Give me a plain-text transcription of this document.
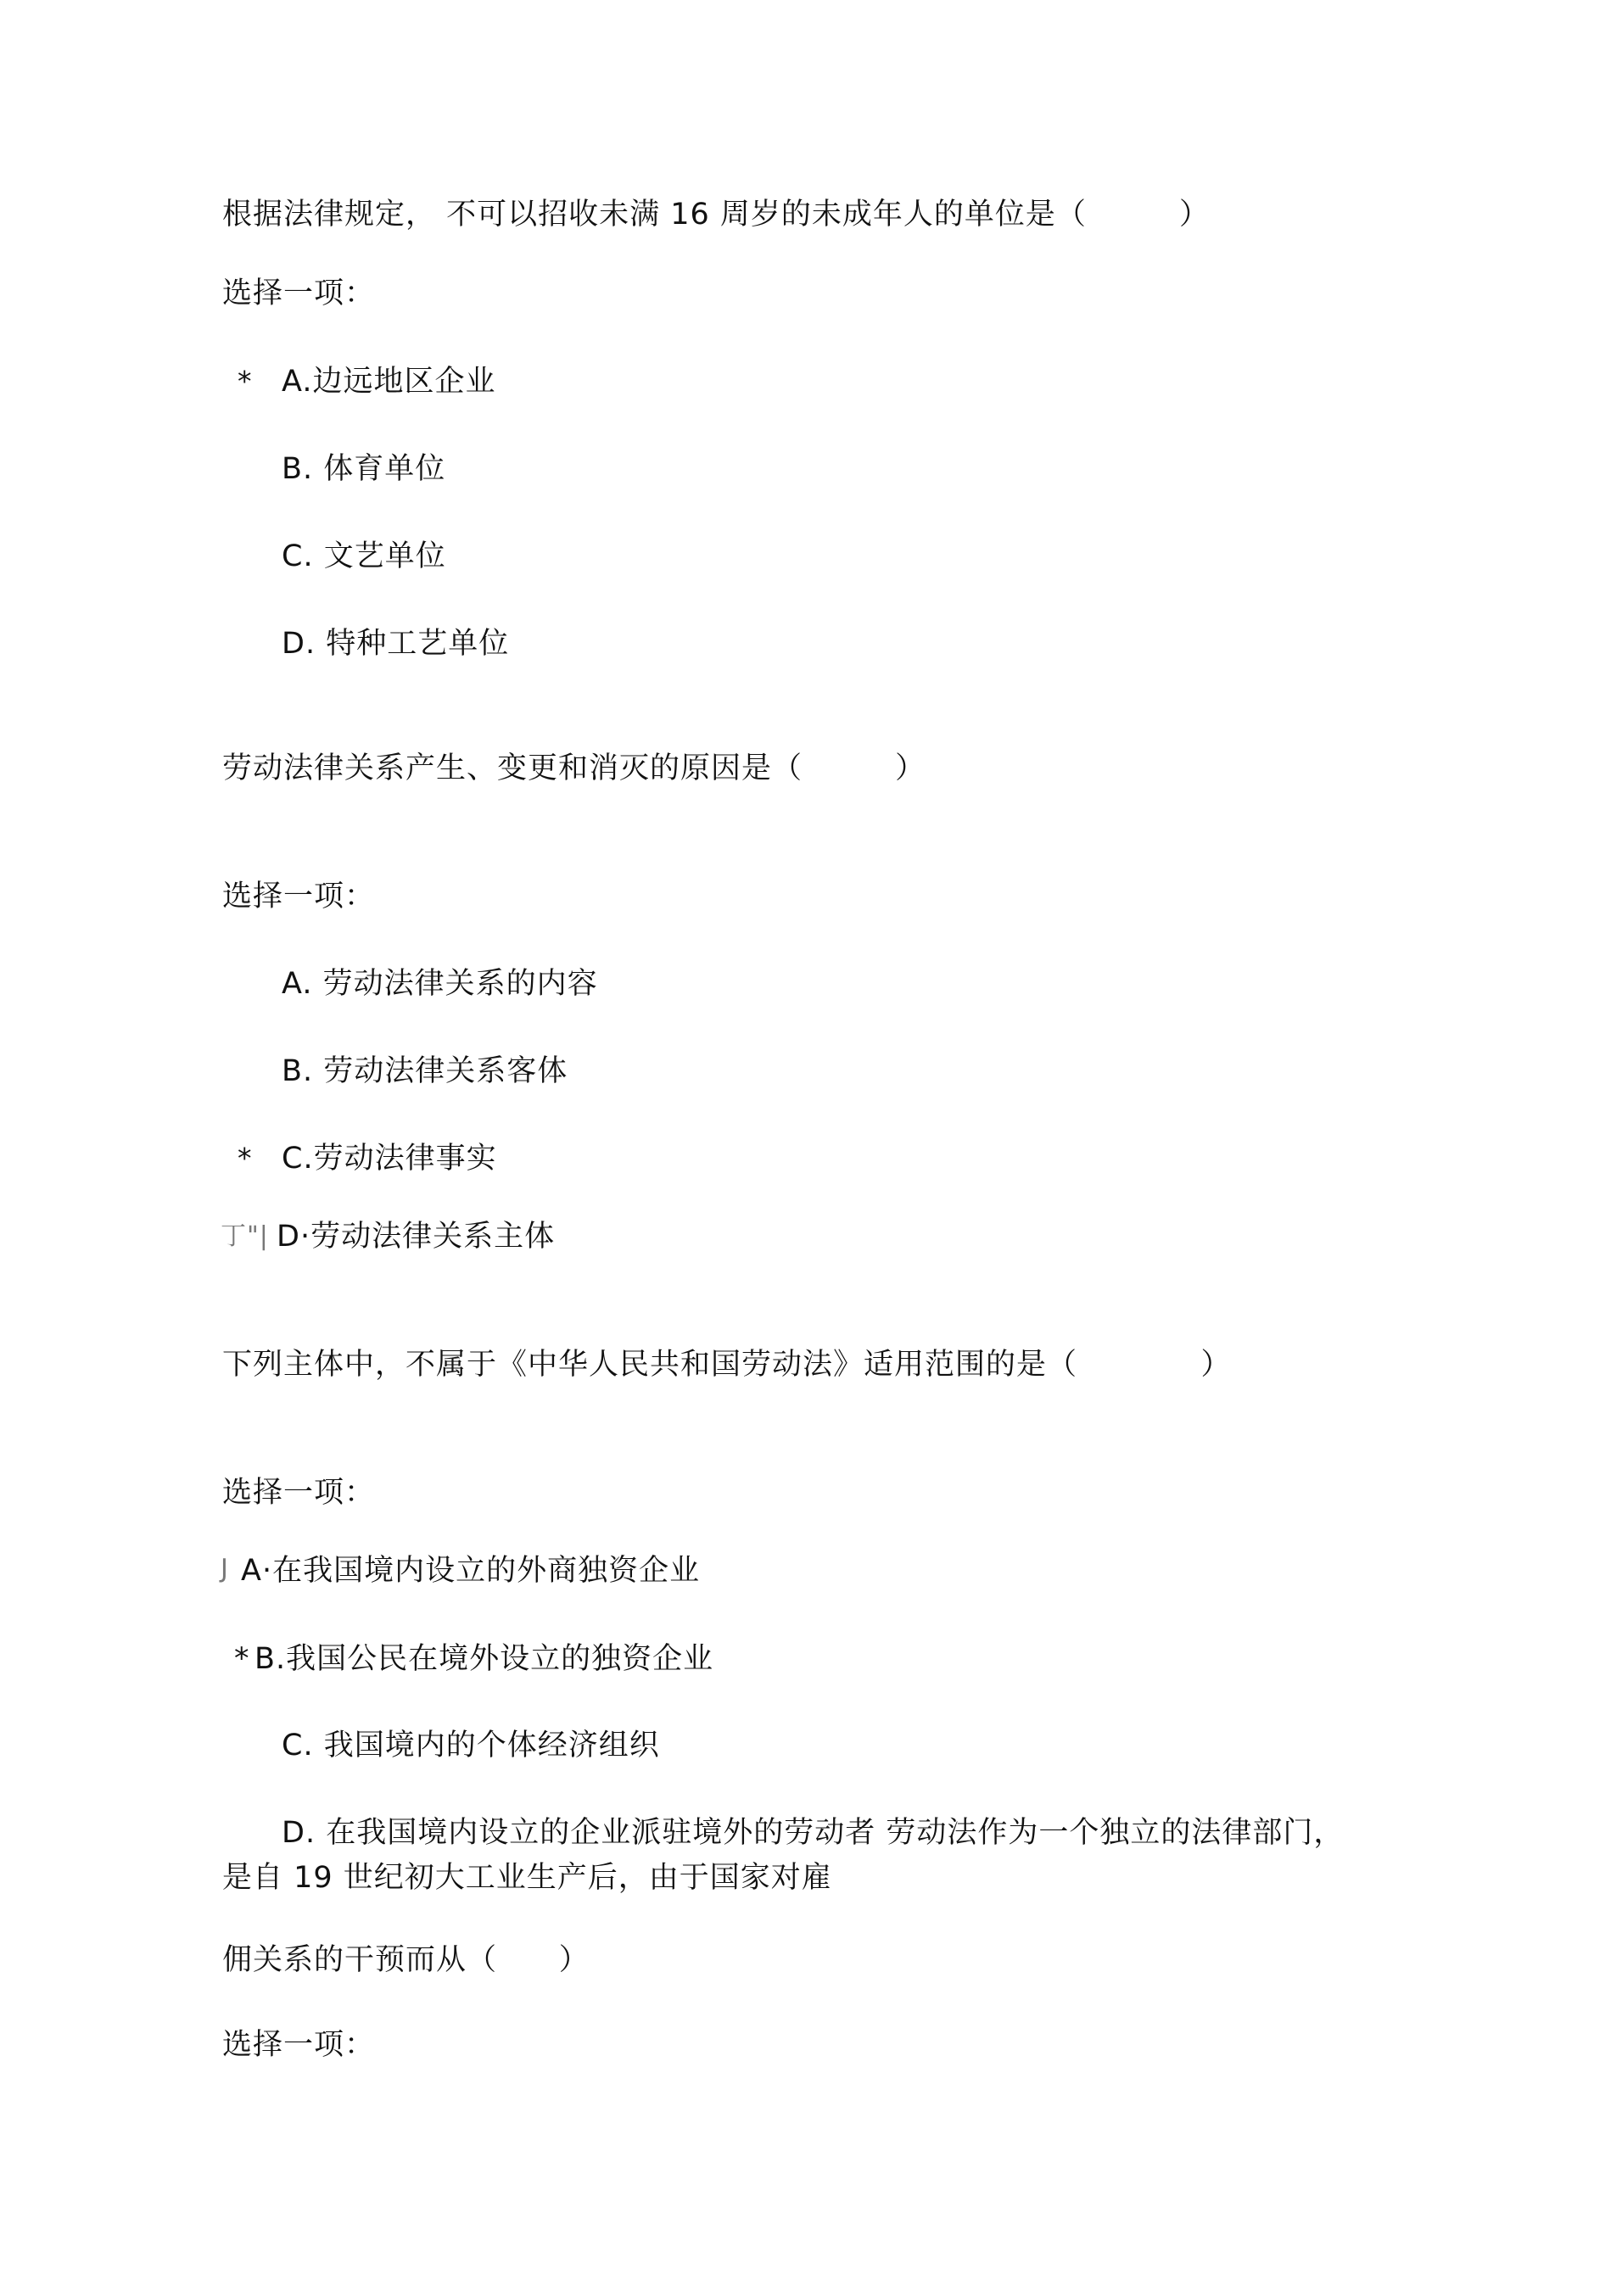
根据法律规定， 不可以招收未满 16 周岁的未成年人的单位是（         ）
选择一项：
* A.边远地区企业
B. 体育单位
C. 文艺单位
D. 特种工艺单位
劳动法律关系产生、变更和消灭的原因是（         ）
选择一项：
A. 劳动法律关系的内容
B. 劳动法律关系客体
* C.劳动法律事实
丁"| D·劳动法律关系主体
下列主体中，不属于《中华人民共和国劳动法》适用范围的是（            ）
选择一项：
J A·在我国境内设立的外商独资企业
* B.我国公民在境外设立的独资企业
C. 我国境内的个体经济组织
D. 在我国境内设立的企业派驻境外的劳动者 劳动法作为一个独立的法律部门，
是自 19 世纪初大工业生产后，由于国家对雇
佣关系的干预而从（      ）
选择一项：
